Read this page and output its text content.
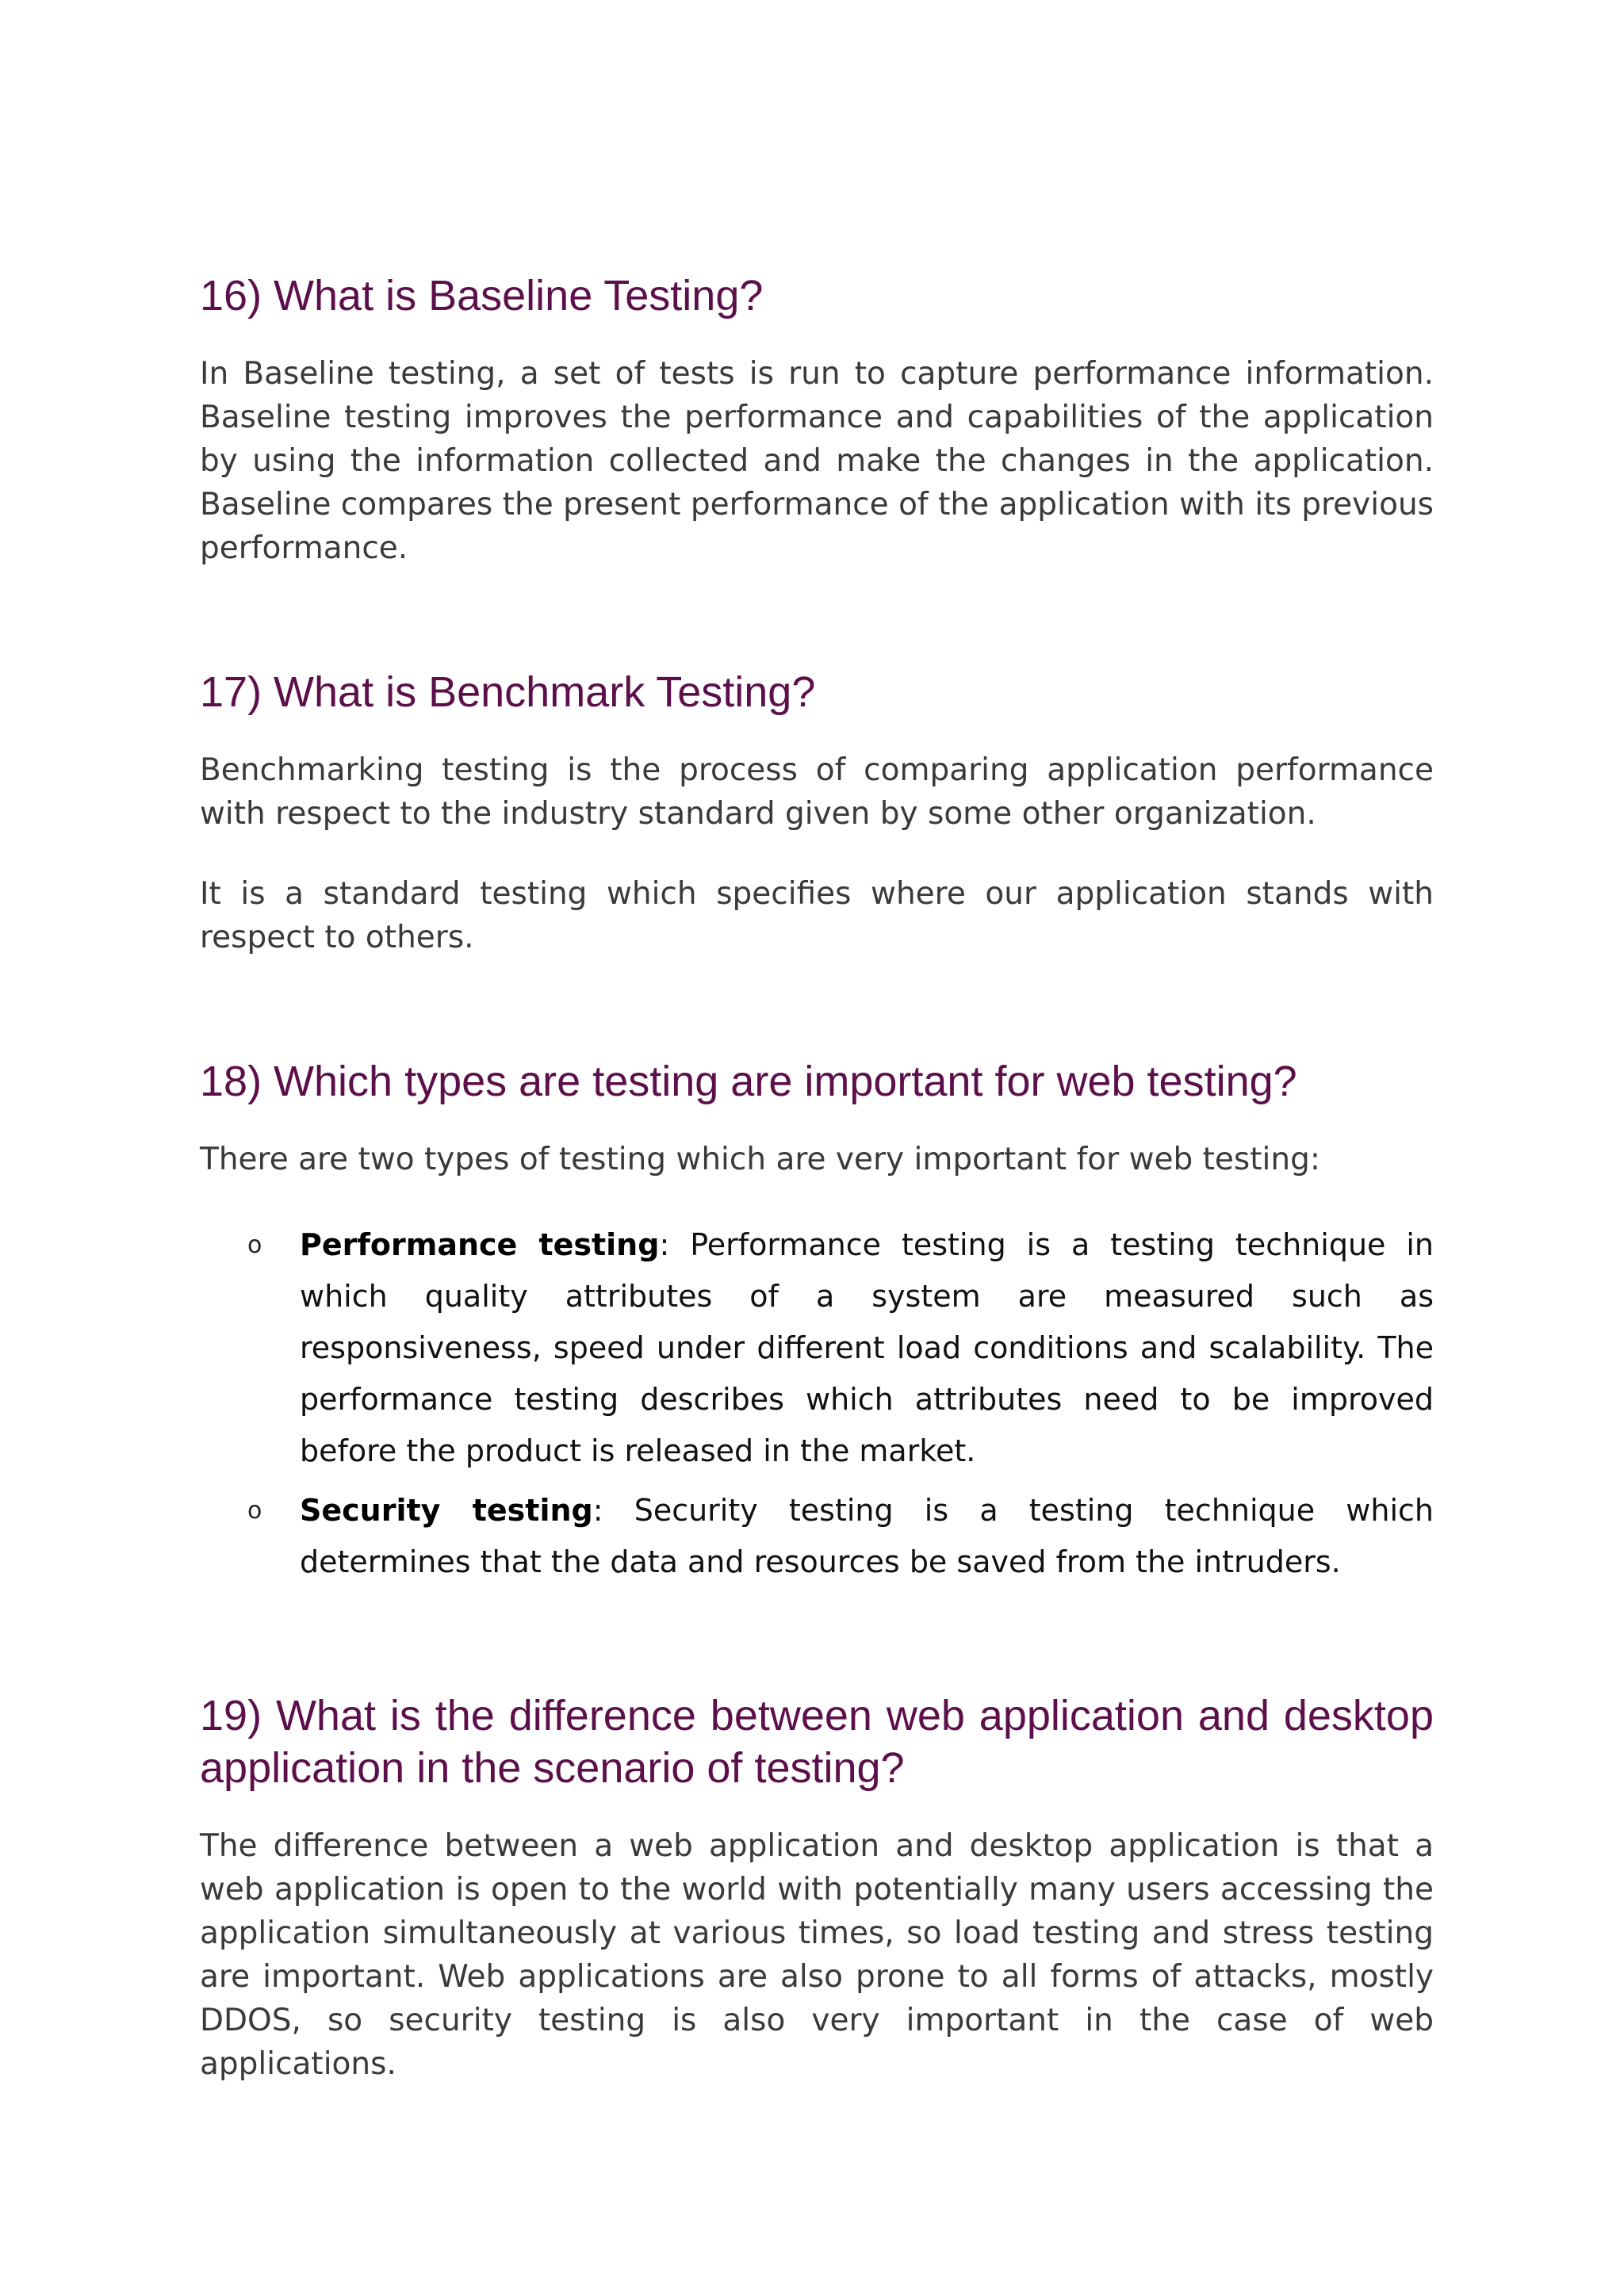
16) What is Baseline Testing?

In Baseline testing, a set of tests is run to capture performance information. Baseline testing improves the performance and capabilities of the application by using the information collected and make the changes in the application. Baseline compares the present performance of the application with its previous performance.

17) What is Benchmark Testing?

Benchmarking testing is the process of comparing application performance with respect to the industry standard given by some other organization.

It is a standard testing which specifies where our application stands with respect to others.

18) Which types are testing are important for web testing?

There are two types of testing which are very important for web testing:

o Performance testing: Performance testing is a testing technique in which quality attributes of a system are measured such as responsiveness, speed under different load conditions and scalability. The performance testing describes which attributes need to be improved before the product is released in the market.
o Security testing: Security testing is a testing technique which determines that the data and resources be saved from the intruders.
19) What is the difference between web application and desktop application in the scenario of testing?

The difference between a web application and desktop application is that a web application is open to the world with potentially many users accessing the application simultaneously at various times, so load testing and stress testing are important. Web applications are also prone to all forms of attacks, mostly DDOS, so security testing is also very important in the case of web applications.
